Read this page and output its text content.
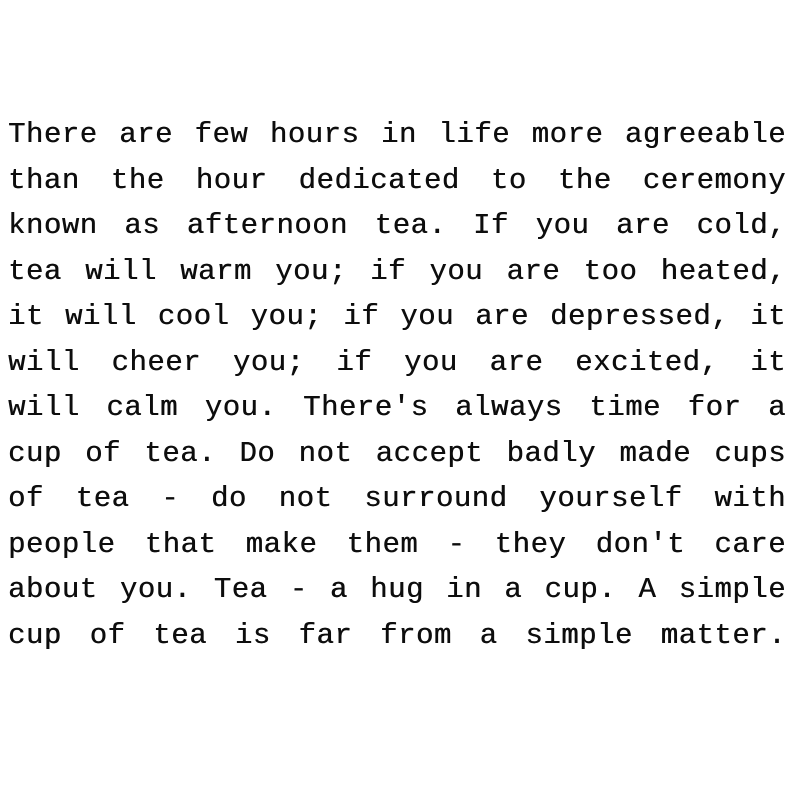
There are few hours in life more agreeable
than the hour dedicated to the ceremony
known as afternoon tea. If you are cold,
tea will warm you; if you are too heated,
it will cool you; if you are depressed, it
will cheer you; if you are excited, it
will calm you. There's always time for a
cup of tea. Do not accept badly made cups
of tea - do not surround yourself with
people that make them - they don't care
about you. Tea - a hug in a cup. A simple
cup of tea is far from a simple matter.
